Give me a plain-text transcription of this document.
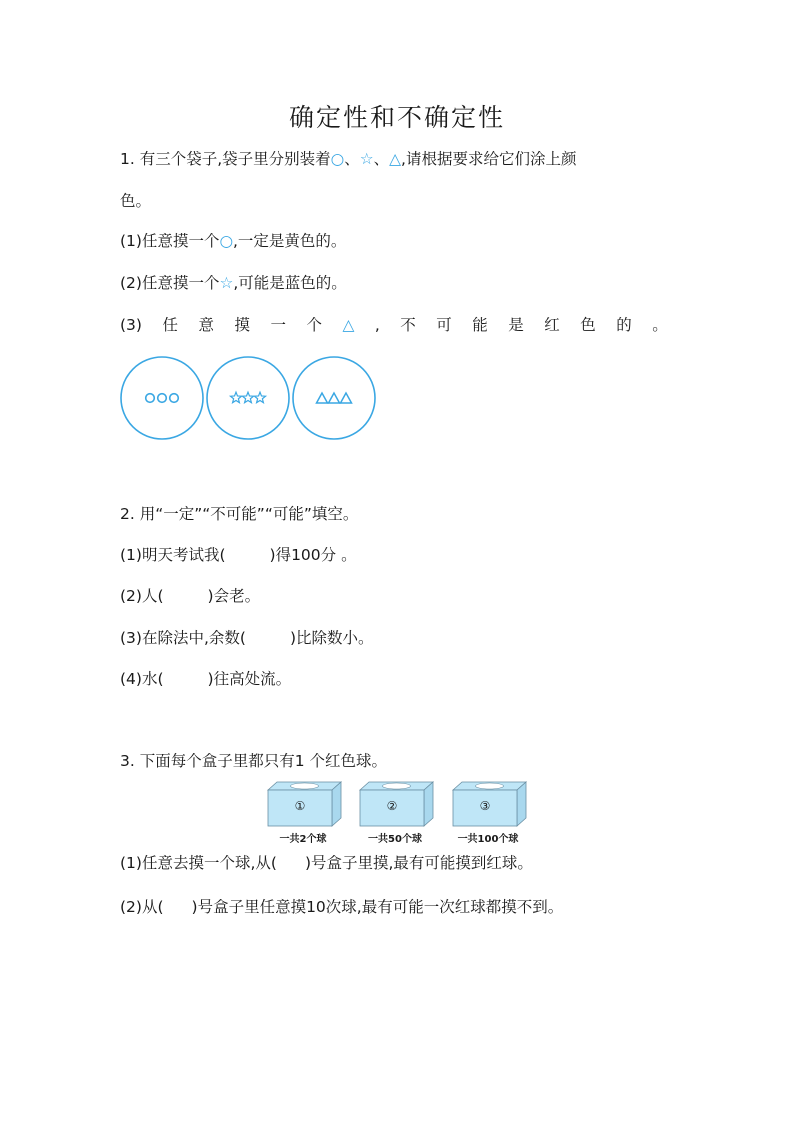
确定性和不确定性
1. 有三个袋子,袋子里分别装着○、☆、△,请根据要求给它们涂上颜
色。
(1)任意摸一个○,一定是黄色的。
(2)任意摸一个☆,可能是蓝色的。
(3) 任 意 摸 一 个 △ , 不 可 能 是 红 色 的 。
2. 用“一定”“不可能”“可能”填空。
(1)明天考试我(	)得100分 。
(2)人(	)会老。
(3)在除法中,余数(	)比除数小。
(4)水(	)往高处流。
3. 下面每个盒子里都只有1 个红色球。
①
一共2个球
②
一共50个球
③
一共100个球
(1)任意去摸一个球,从( )号盒子里摸,最有可能摸到红球。
(2)从( )号盒子里任意摸10次球,最有可能一次红球都摸不到。
